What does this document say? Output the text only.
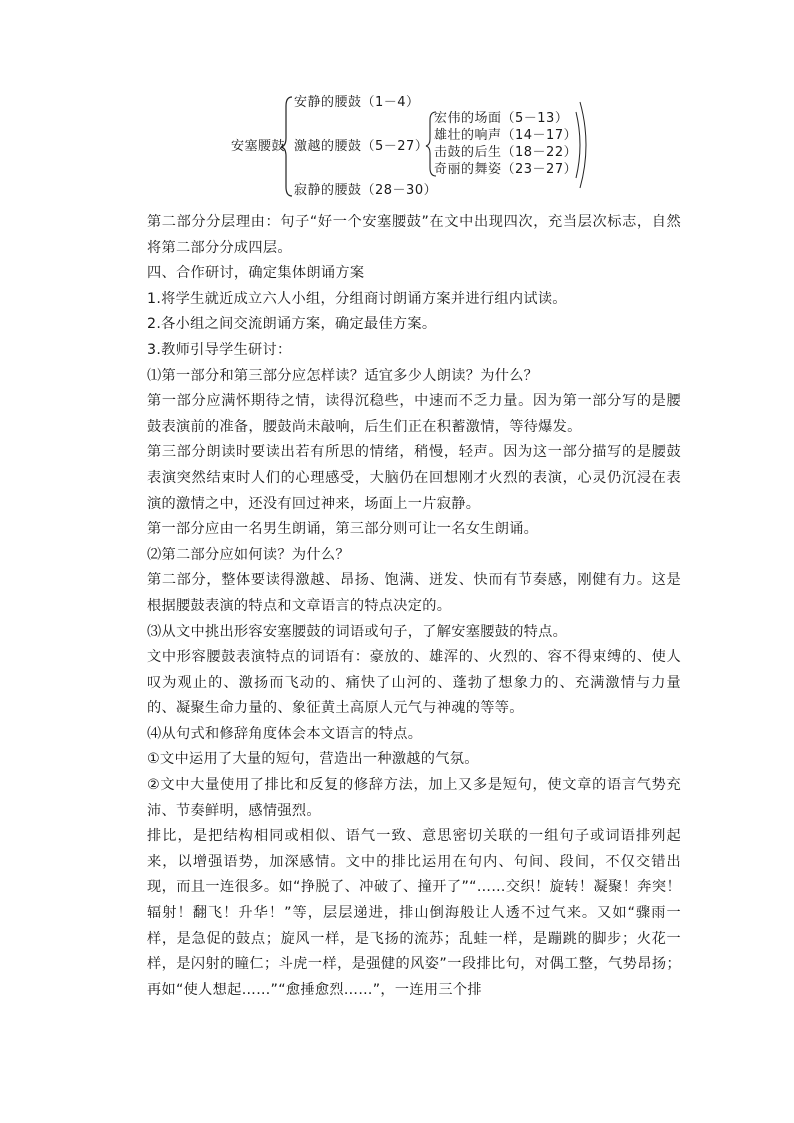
安塞腰鼓
安静的腰鼓（1－4）
激越的腰鼓（5－27）
寂静的腰鼓（28－30）
宏伟的场面（5－13）
雄壮的响声（14－17）
击鼓的后生（18－22）
奇丽的舞姿（23－27）

第二部分分层理由：句子“好一个安塞腰鼓”在文中出现四次，充当层次标志，自然将第二部分分成四层。

四、合作研讨，确定集体朗诵方案

1.将学生就近成立六人小组，分组商讨朗诵方案并进行组内试读。

2.各小组之间交流朗诵方案，确定最佳方案。

3.教师引导学生研讨：

⑴第一部分和第三部分应怎样读？适宜多少人朗读？为什么？

第一部分应满怀期待之情，读得沉稳些，中速而不乏力量。因为第一部分写的是腰鼓表演前的准备，腰鼓尚未敲响，后生们正在积蓄激情，等待爆发。

第三部分朗读时要读出若有所思的情绪，稍慢，轻声。因为这一部分描写的是腰鼓表演突然结束时人们的心理感受，大脑仍在回想刚才火烈的表演，心灵仍沉浸在表演的激情之中，还没有回过神来，场面上一片寂静。

第一部分应由一名男生朗诵，第三部分则可让一名女生朗诵。

⑵第二部分应如何读？为什么？

第二部分，整体要读得激越、昂扬、饱满、迸发、快而有节奏感，刚健有力。这是根据腰鼓表演的特点和文章语言的特点决定的。

⑶从文中挑出形容安塞腰鼓的词语或句子，了解安塞腰鼓的特点。

文中形容腰鼓表演特点的词语有：豪放的、雄浑的、火烈的、容不得束缚的、使人叹为观止的、激扬而飞动的、痛快了山河的、蓬勃了想象力的、充满激情与力量的、凝聚生命力量的、象征黄土高原人元气与神魂的等等。

⑷从句式和修辞角度体会本文语言的特点。

①文中运用了大量的短句，营造出一种激越的气氛。

②文中大量使用了排比和反复的修辞方法，加上又多是短句，使文章的语言气势充沛、节奏鲜明，感情强烈。

排比，是把结构相同或相似、语气一致、意思密切关联的一组句子或词语排列起来，以增强语势，加深感情。文中的排比运用在句内、句间、段间，不仅交错出现，而且一连很多。如“挣脱了、冲破了、撞开了”“……交织！旋转！凝聚！奔突！辐射！翻飞！升华！”等，层层递进，排山倒海般让人透不过气来。又如“骤雨一样，是急促的鼓点；旋风一样，是飞扬的流苏；乱蛙一样，是蹦跳的脚步；火花一样，是闪射的瞳仁；斗虎一样，是强健的风姿”一段排比句，对偶工整，气势昂扬；再如“使人想起……”“愈捶愈烈……”，一连用三个排
